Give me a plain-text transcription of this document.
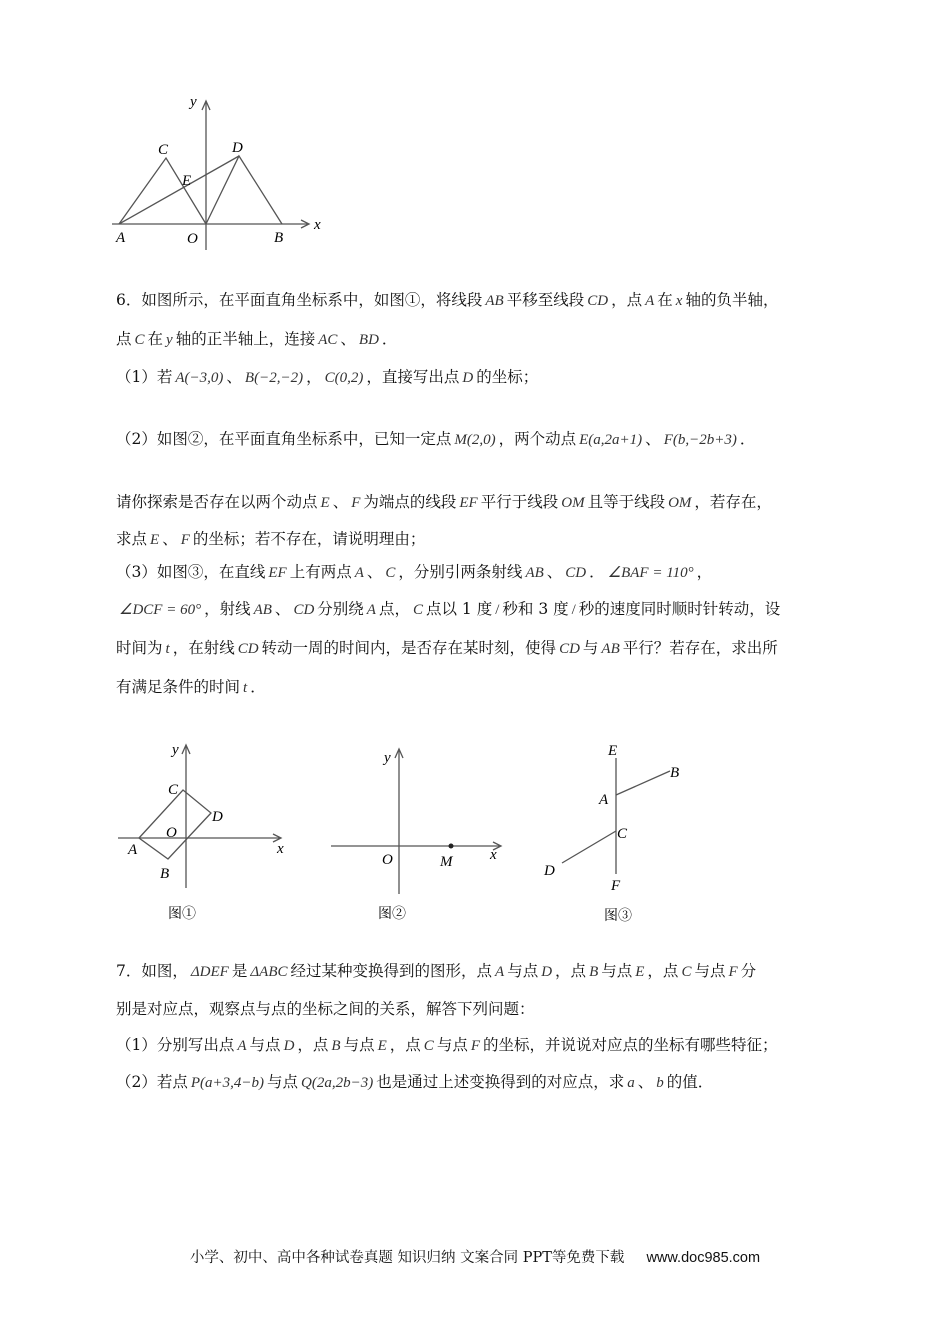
y
x
C	D
E
A	O	B
6．如图所示，在平面直角坐标系中，如图①，将线段 AB 平移至线段 CD ，点 A 在 x 轴的负半轴，
点 C 在 y 轴的正半轴上，连接 AC 、 BD ．
（1）若 A(−3,0) 、 B(−2,−2) ， C(0,2) ，直接写出点 D 的坐标；
（2）如图②，在平面直角坐标系中，已知一定点 M(2,0) ，两个动点 E(a,2a+1) 、 F(b,−2b+3) ．
请你探索是否存在以两个动点 E 、 F 为端点的线段 EF 平行于线段 OM 且等于线段 OM ，若存在，
求点 E 、 F 的坐标；若不存在，请说明理由；
（3）如图③，在直线 EF 上有两点 A 、 C ，分别引两条射线 AB 、 CD ． ∠BAF = 110° ，
∠DCF = 60° ，射线 AB 、 CD 分别绕 A 点， C 点以 1 度 / 秒和 3 度 / 秒的速度同时顺时针转动，设
时间为 t ，在射线 CD 转动一周的时间内，是否存在某时刻，使得 CD 与 AB 平行？若存在，求出所
有满足条件的时间 t ．
y
x
C
D
O
A
B
图①
y
x
O	M
图②
E
B
A
C
D
F
图③
7．如图， ΔDEF 是 ΔABC 经过某种变换得到的图形，点 A 与点 D ，点 B 与点 E ，点 C 与点 F 分
别是对应点，观察点与点的坐标之间的关系，解答下列问题：
（1）分别写出点 A 与点 D ，点 B 与点 E ，点 C 与点 F 的坐标，并说说对应点的坐标有哪些特征；
（2）若点 P(a+3,4−b) 与点 Q(2a,2b−3) 也是通过上述变换得到的对应点，求 a 、 b 的值．
小学、初中、高中各种试卷真题 知识归纳 文案合同 PPT等免费下载 www.doc985.com
